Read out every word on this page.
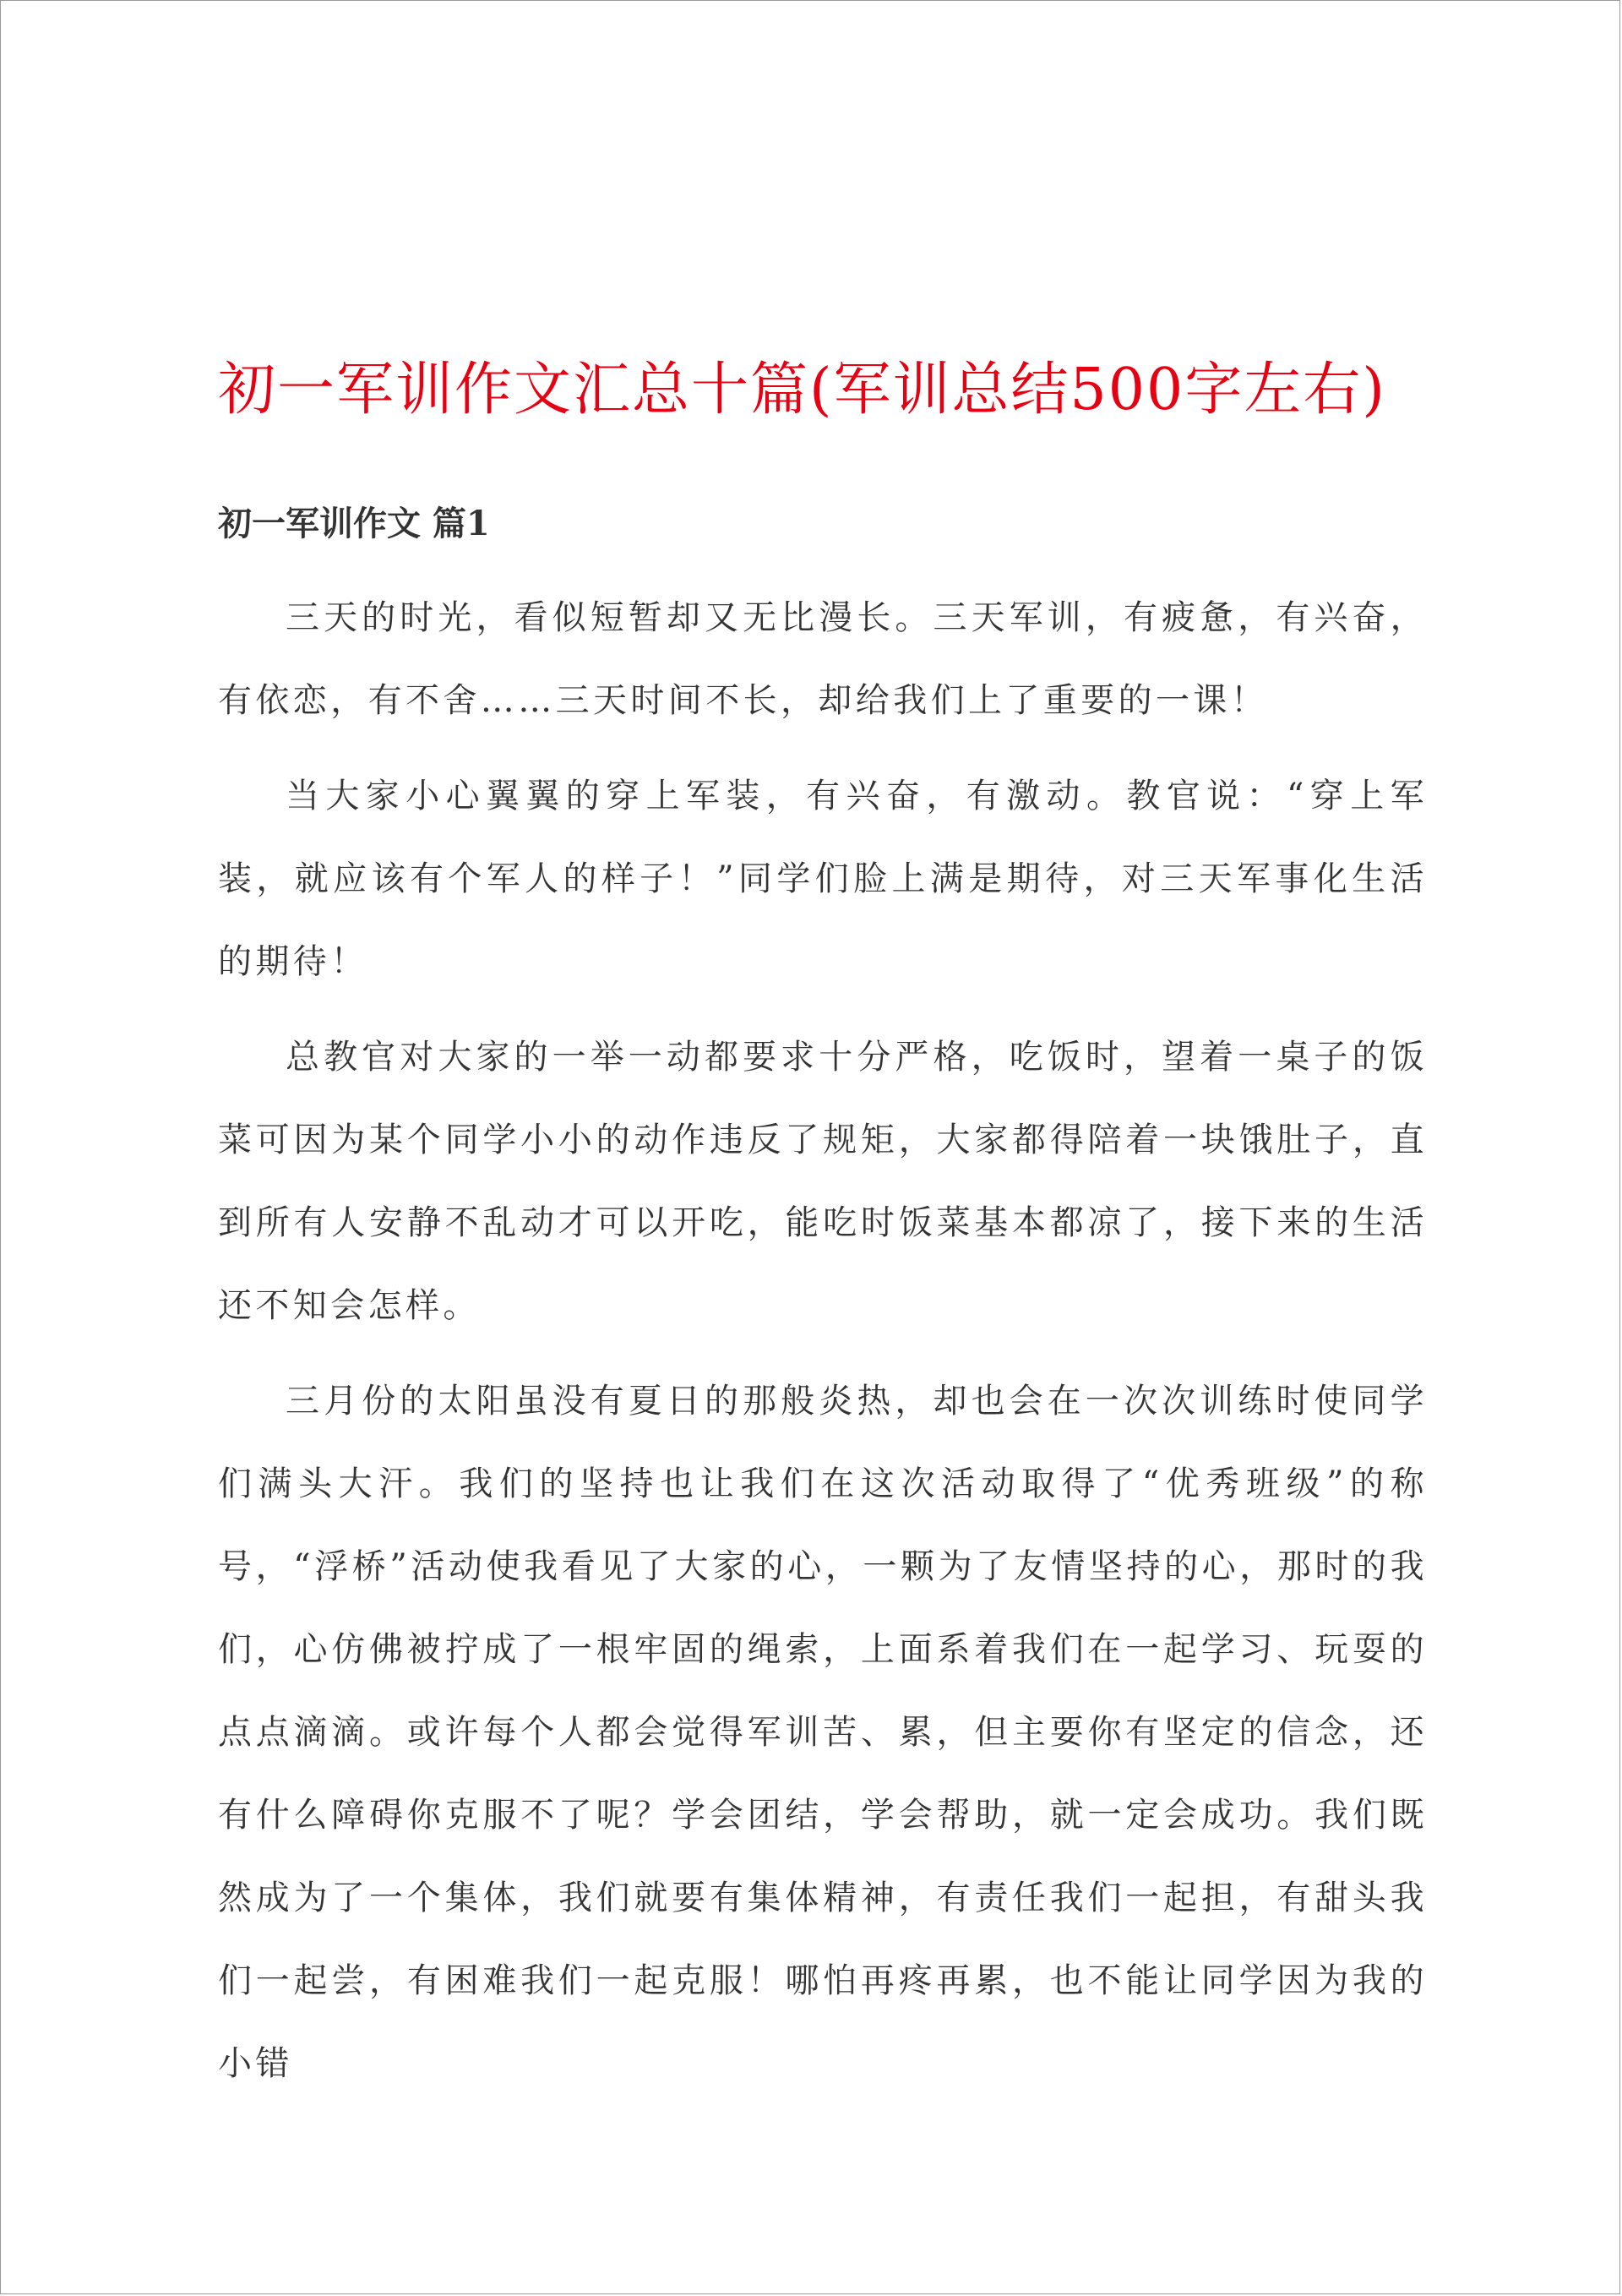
初一军训作文汇总十篇(军训总结500字左右)
初一军训作文 篇1

三天的时光，看似短暂却又无比漫长。三天军训，有疲惫，有兴奋，有依恋，有不舍……三天时间不长，却给我们上了重要的一课！

当大家小心翼翼的穿上军装，有兴奋，有激动。教官说：“穿上军装，就应该有个军人的样子！”同学们脸上满是期待，对三天军事化生活的期待！

总教官对大家的一举一动都要求十分严格，吃饭时，望着一桌子的饭菜可因为某个同学小小的动作违反了规矩，大家都得陪着一块饿肚子，直到所有人安静不乱动才可以开吃，能吃时饭菜基本都凉了，接下来的生活还不知会怎样。

三月份的太阳虽没有夏日的那般炎热，却也会在一次次训练时使同学们满头大汗。我们的坚持也让我们在这次活动取得了“优秀班级”的称号，“浮桥”活动使我看见了大家的心，一颗为了友情坚持的心，那时的我们，心仿佛被拧成了一根牢固的绳索，上面系着我们在一起学习、玩耍的点点滴滴。或许每个人都会觉得军训苦、累，但主要你有坚定的信念，还有什么障碍你克服不了呢？学会团结，学会帮助，就一定会成功。我们既然成为了一个集体，我们就要有集体精神，有责任我们一起担，有甜头我们一起尝，有困难我们一起克服！哪怕再疼再累，也不能让同学因为我的小错
